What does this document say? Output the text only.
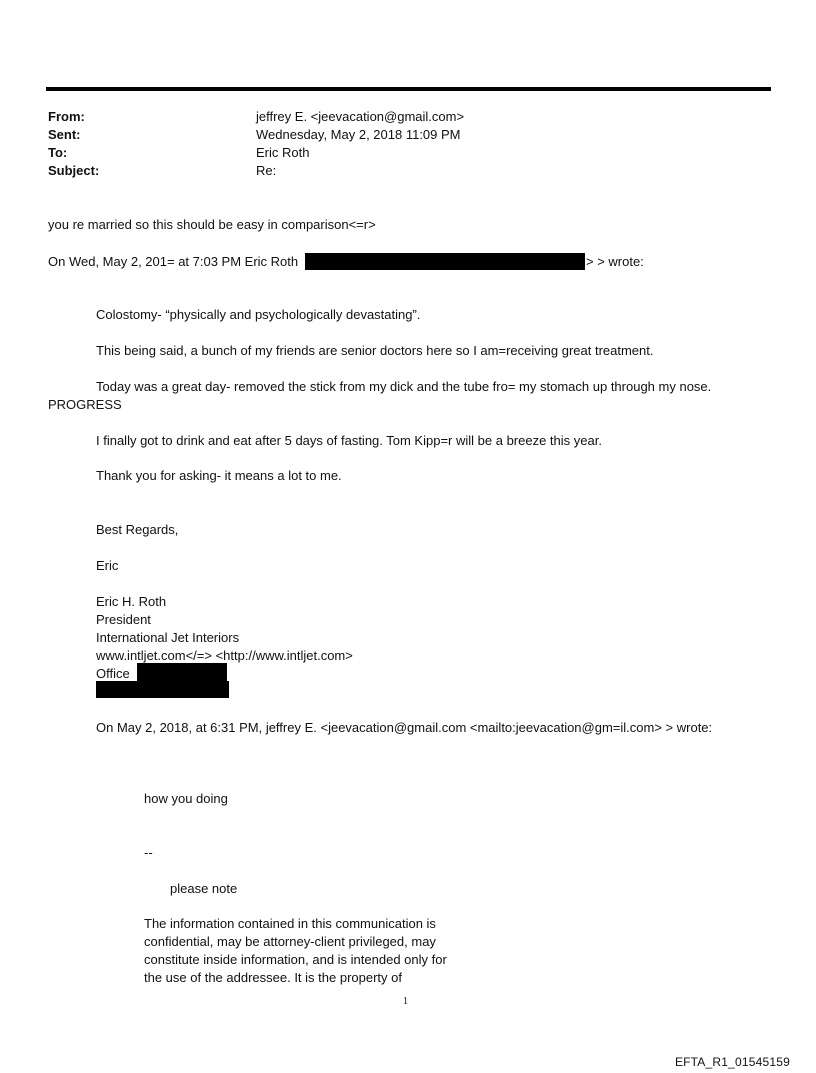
From:	jeffrey E. <jeevacation@gmail.com>
Sent:	Wednesday, May 2, 2018 11:09 PM
To:	Eric Roth
Subject:	Re:
you re married so this should be easy in comparison<=r>
On Wed, May 2, 201= at 7:03 PM Eric Roth	> > wrote:
Colostomy- “physically and psychologically devastating”.
This being said, a bunch of my friends are senior doctors here so I am=receiving great treatment.
Today was a great day- removed the stick from my dick and the tube fro= my stomach up through my nose.
PROGRESS
I finally got to drink and eat after 5 days of fasting. Tom Kipp=r will be a breeze this year.
Thank you for asking- it means a lot to me.
Best Regards,
Eric
Eric H. Roth
President
International Jet Interiors
www.intljet.com</=> <http://www.intljet.com>
Office
On May 2, 2018, at 6:31 PM, jeffrey E. <jeevacation@gmail.com <mailto:jeevacation@gm=il.com> > wrote:
how you doing
--
please note
The information contained in this communication is
confidential, may be attorney-client privileged, may
constitute inside information, and is intended only for
the use of the addressee. It is the property of
1
EFTA_R1_01545159
